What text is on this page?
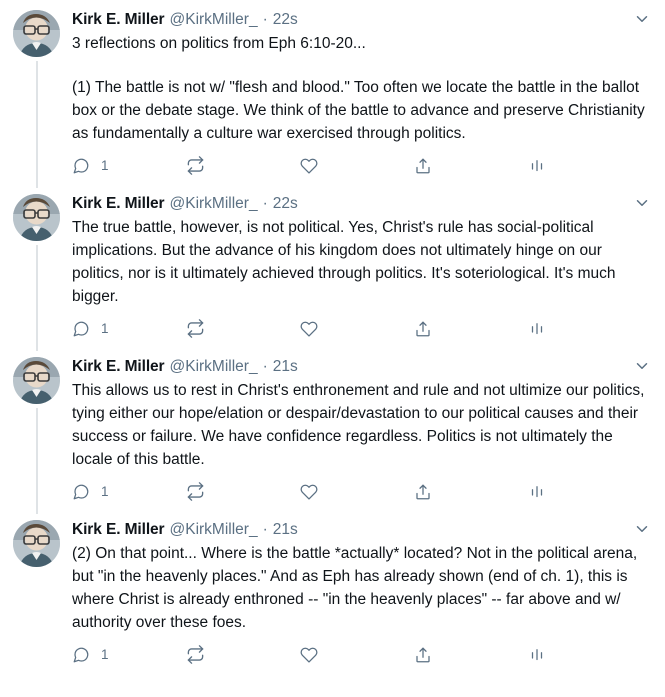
Kirk E. Miller @KirkMiller_ · 22s
3 reflections on politics from Eph 6:10-20...
(1) The battle is not w/ "flesh and blood." Too often we locate the battle in the ballot box or the debate stage. We think of the battle to advance and preserve Christianity as fundamentally a culture war exercised through politics.
1
Kirk E. Miller @KirkMiller_ · 22s
The true battle, however, is not political. Yes, Christ's rule has social-political implications. But the advance of his kingdom does not ultimately hinge on our politics, nor is it ultimately achieved through politics. It's soteriological. It's much bigger.
1
Kirk E. Miller @KirkMiller_ · 21s
This allows us to rest in Christ's enthronement and rule and not ultimize our politics, tying either our hope/elation or despair/devastation to our political causes and their success or failure. We have confidence regardless. Politics is not ultimately the locale of this battle.
1
Kirk E. Miller @KirkMiller_ · 21s
(2) On that point... Where is the battle *actually* located? Not in the political arena, but "in the heavenly places." And as Eph has already shown (end of ch. 1), this is where Christ is already enthroned -- "in the heavenly places" -- far above and w/ authority over these foes.
1
